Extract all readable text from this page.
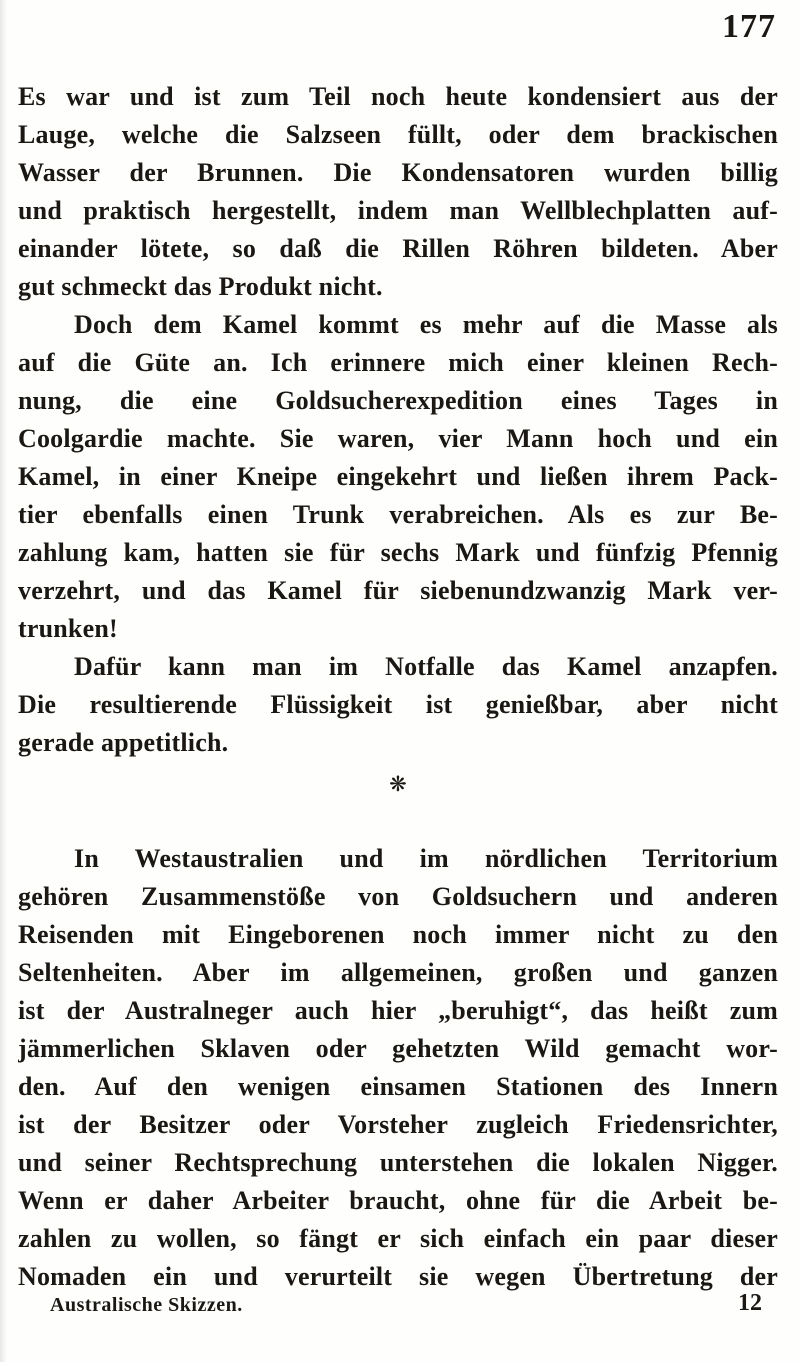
177
Es war und ist zum Teil noch heute kondensiert aus der
Lauge, welche die Salzseen füllt, oder dem brackischen
Wasser der Brunnen. Die Kondensatoren wurden billig
und praktisch hergestellt, indem man Wellblechplatten auf-
einander lötete, so daß die Rillen Röhren bildeten. Aber
gut schmeckt das Produkt nicht.
Doch dem Kamel kommt es mehr auf die Masse als
auf die Güte an. Ich erinnere mich einer kleinen Rech-
nung, die eine Goldsucherexpedition eines Tages in
Coolgardie machte. Sie waren, vier Mann hoch und ein
Kamel, in einer Kneipe eingekehrt und ließen ihrem Pack-
tier ebenfalls einen Trunk verabreichen. Als es zur Be-
zahlung kam, hatten sie für sechs Mark und fünfzig Pfennig
verzehrt, und das Kamel für siebenundzwanzig Mark ver-
trunken!
Dafür kann man im Notfalle das Kamel anzapfen.
Die resultierende Flüssigkeit ist genießbar, aber nicht
gerade appetitlich.
❋
In Westaustralien und im nördlichen Territorium
gehören Zusammenstöße von Goldsuchern und anderen
Reisenden mit Eingeborenen noch immer nicht zu den
Seltenheiten. Aber im allgemeinen, großen und ganzen
ist der Australneger auch hier „beruhigt“, das heißt zum
jämmerlichen Sklaven oder gehetzten Wild gemacht wor-
den. Auf den wenigen einsamen Stationen des Innern
ist der Besitzer oder Vorsteher zugleich Friedensrichter,
und seiner Rechtsprechung unterstehen die lokalen Nigger.
Wenn er daher Arbeiter braucht, ohne für die Arbeit be-
zahlen zu wollen, so fängt er sich einfach ein paar dieser
Nomaden ein und verurteilt sie wegen Übertretung der
Australische Skizzen.	12
